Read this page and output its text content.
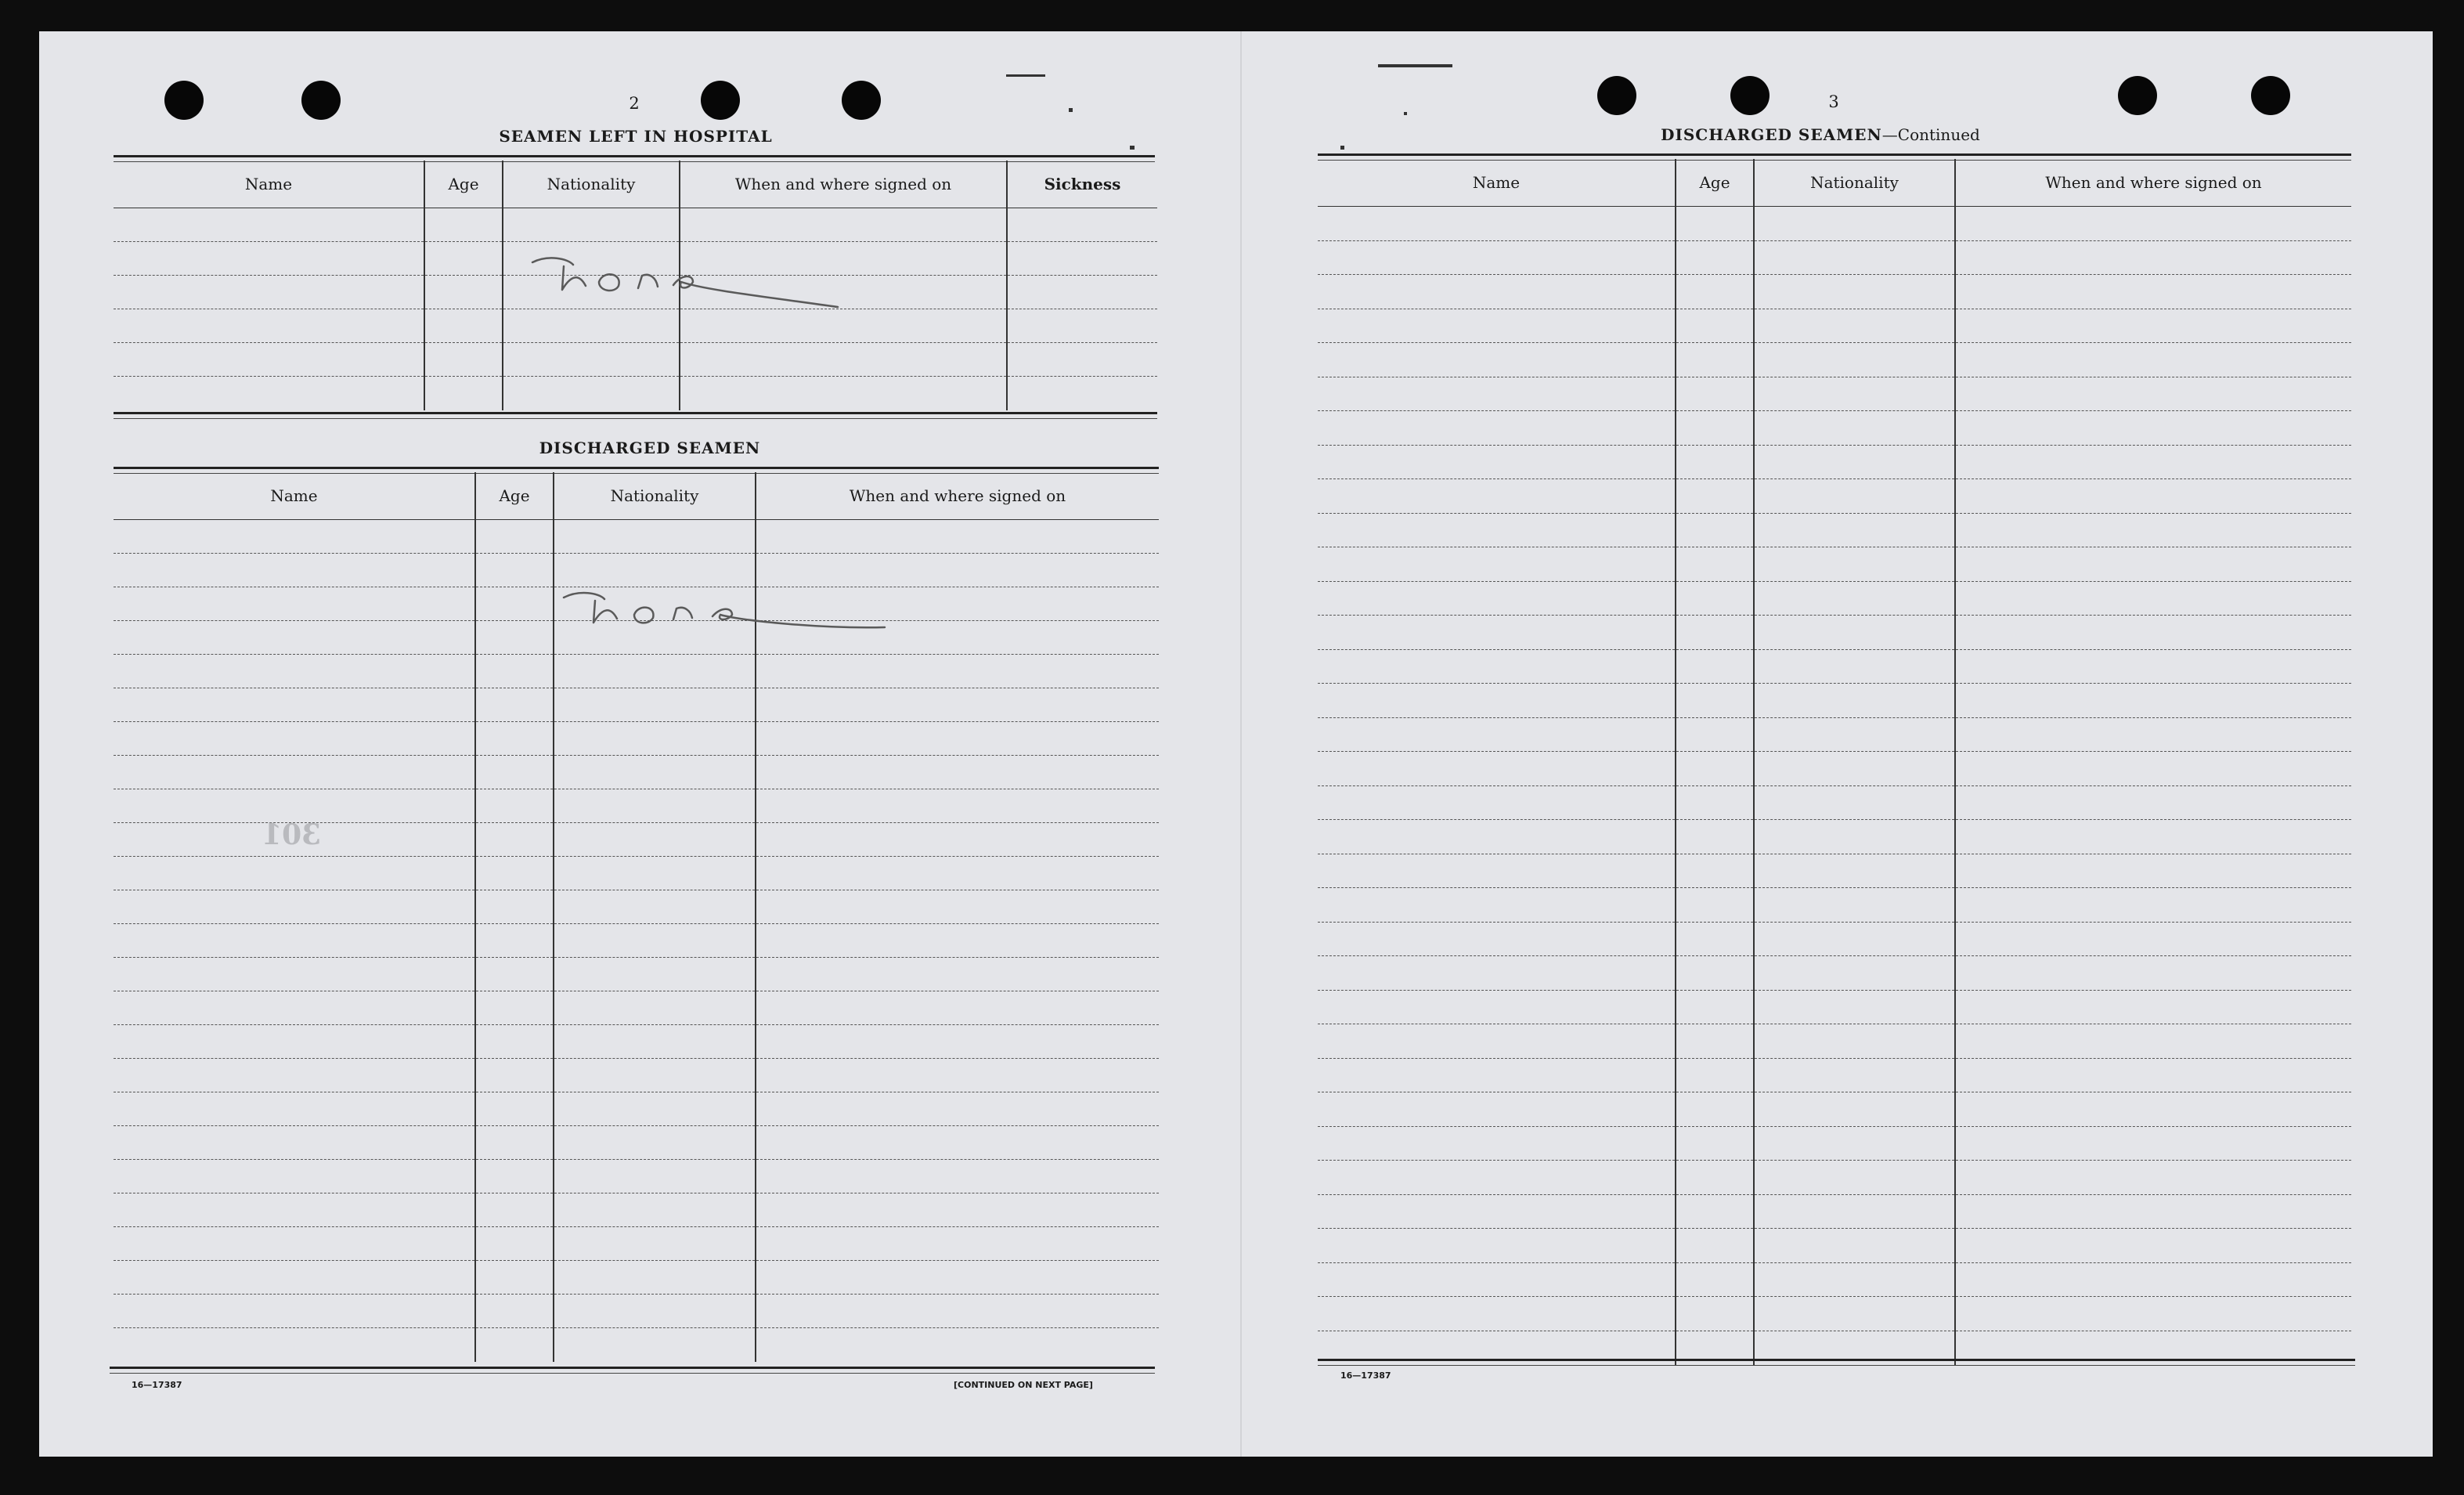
2
SEAMEN LEFT IN HOSPITAL
Name	Age	Nationality	When and where signed on	Sickness

None
DISCHARGED SEAMEN
Name	Age	Nationality	When and where signed on

301
16—17387	[CONTINUED ON NEXT PAGE]
3
DISCHARGED SEAMEN—Continued
Name	Age	Nationality	When and where signed on

16—17387
